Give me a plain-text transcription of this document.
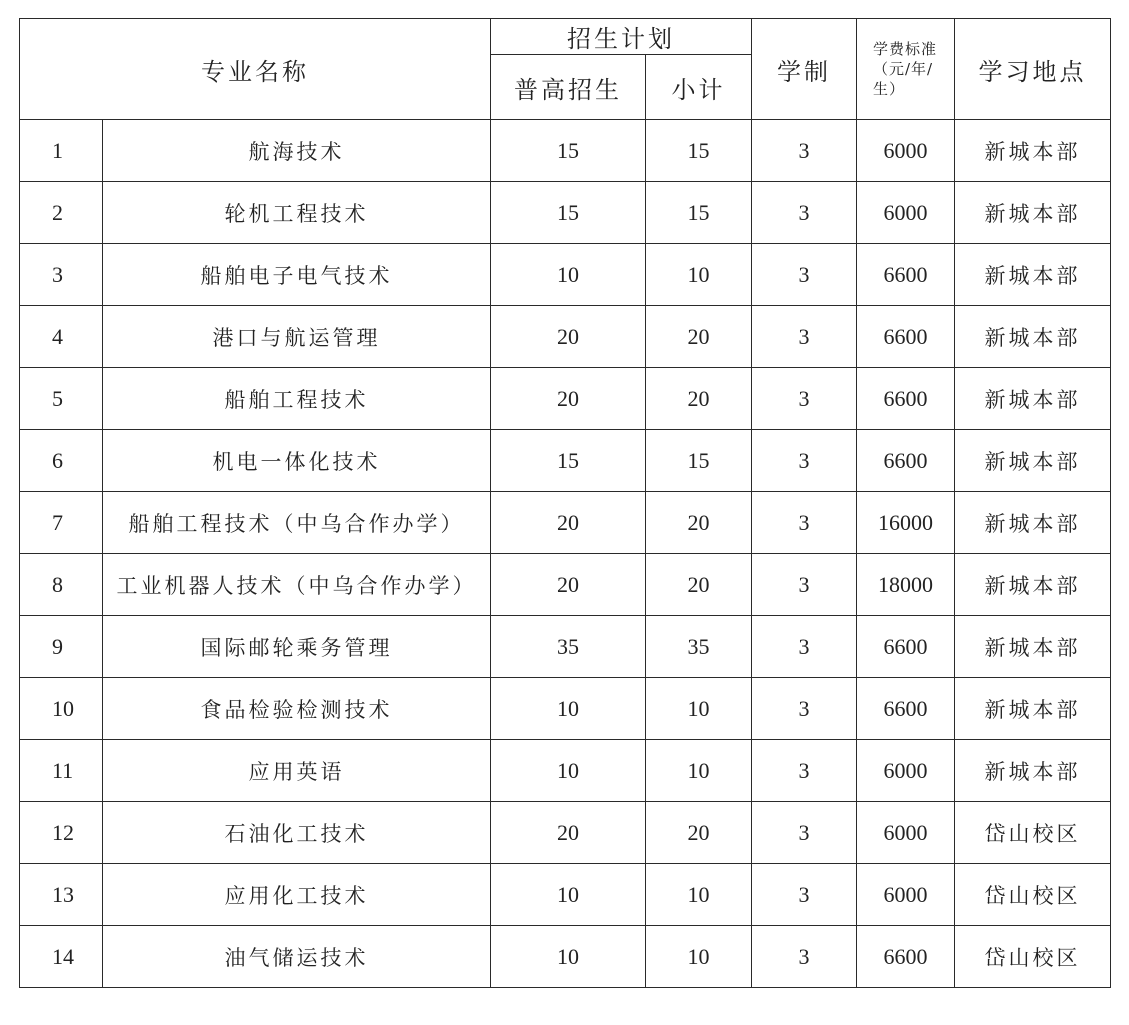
专业名称		招生计划		学制	学费标准（元/年/生）	学习地点
		普高招生	小计			
1	航海技术	15	15	3	6000	新城本部
2	轮机工程技术	15	15	3	6000	新城本部
3	船舶电子电气技术	10	10	3	6600	新城本部
4	港口与航运管理	20	20	3	6600	新城本部
5	船舶工程技术	20	20	3	6600	新城本部
6	机电一体化技术	15	15	3	6600	新城本部
7	船舶工程技术（中乌合作办学）	20	20	3	16000	新城本部
8	工业机器人技术（中乌合作办学）	20	20	3	18000	新城本部
9	国际邮轮乘务管理	35	35	3	6600	新城本部
10	食品检验检测技术	10	10	3	6600	新城本部
11	应用英语	10	10	3	6000	新城本部
12	石油化工技术	20	20	3	6000	岱山校区
13	应用化工技术	10	10	3	6000	岱山校区
14	油气储运技术	10	10	3	6600	岱山校区
